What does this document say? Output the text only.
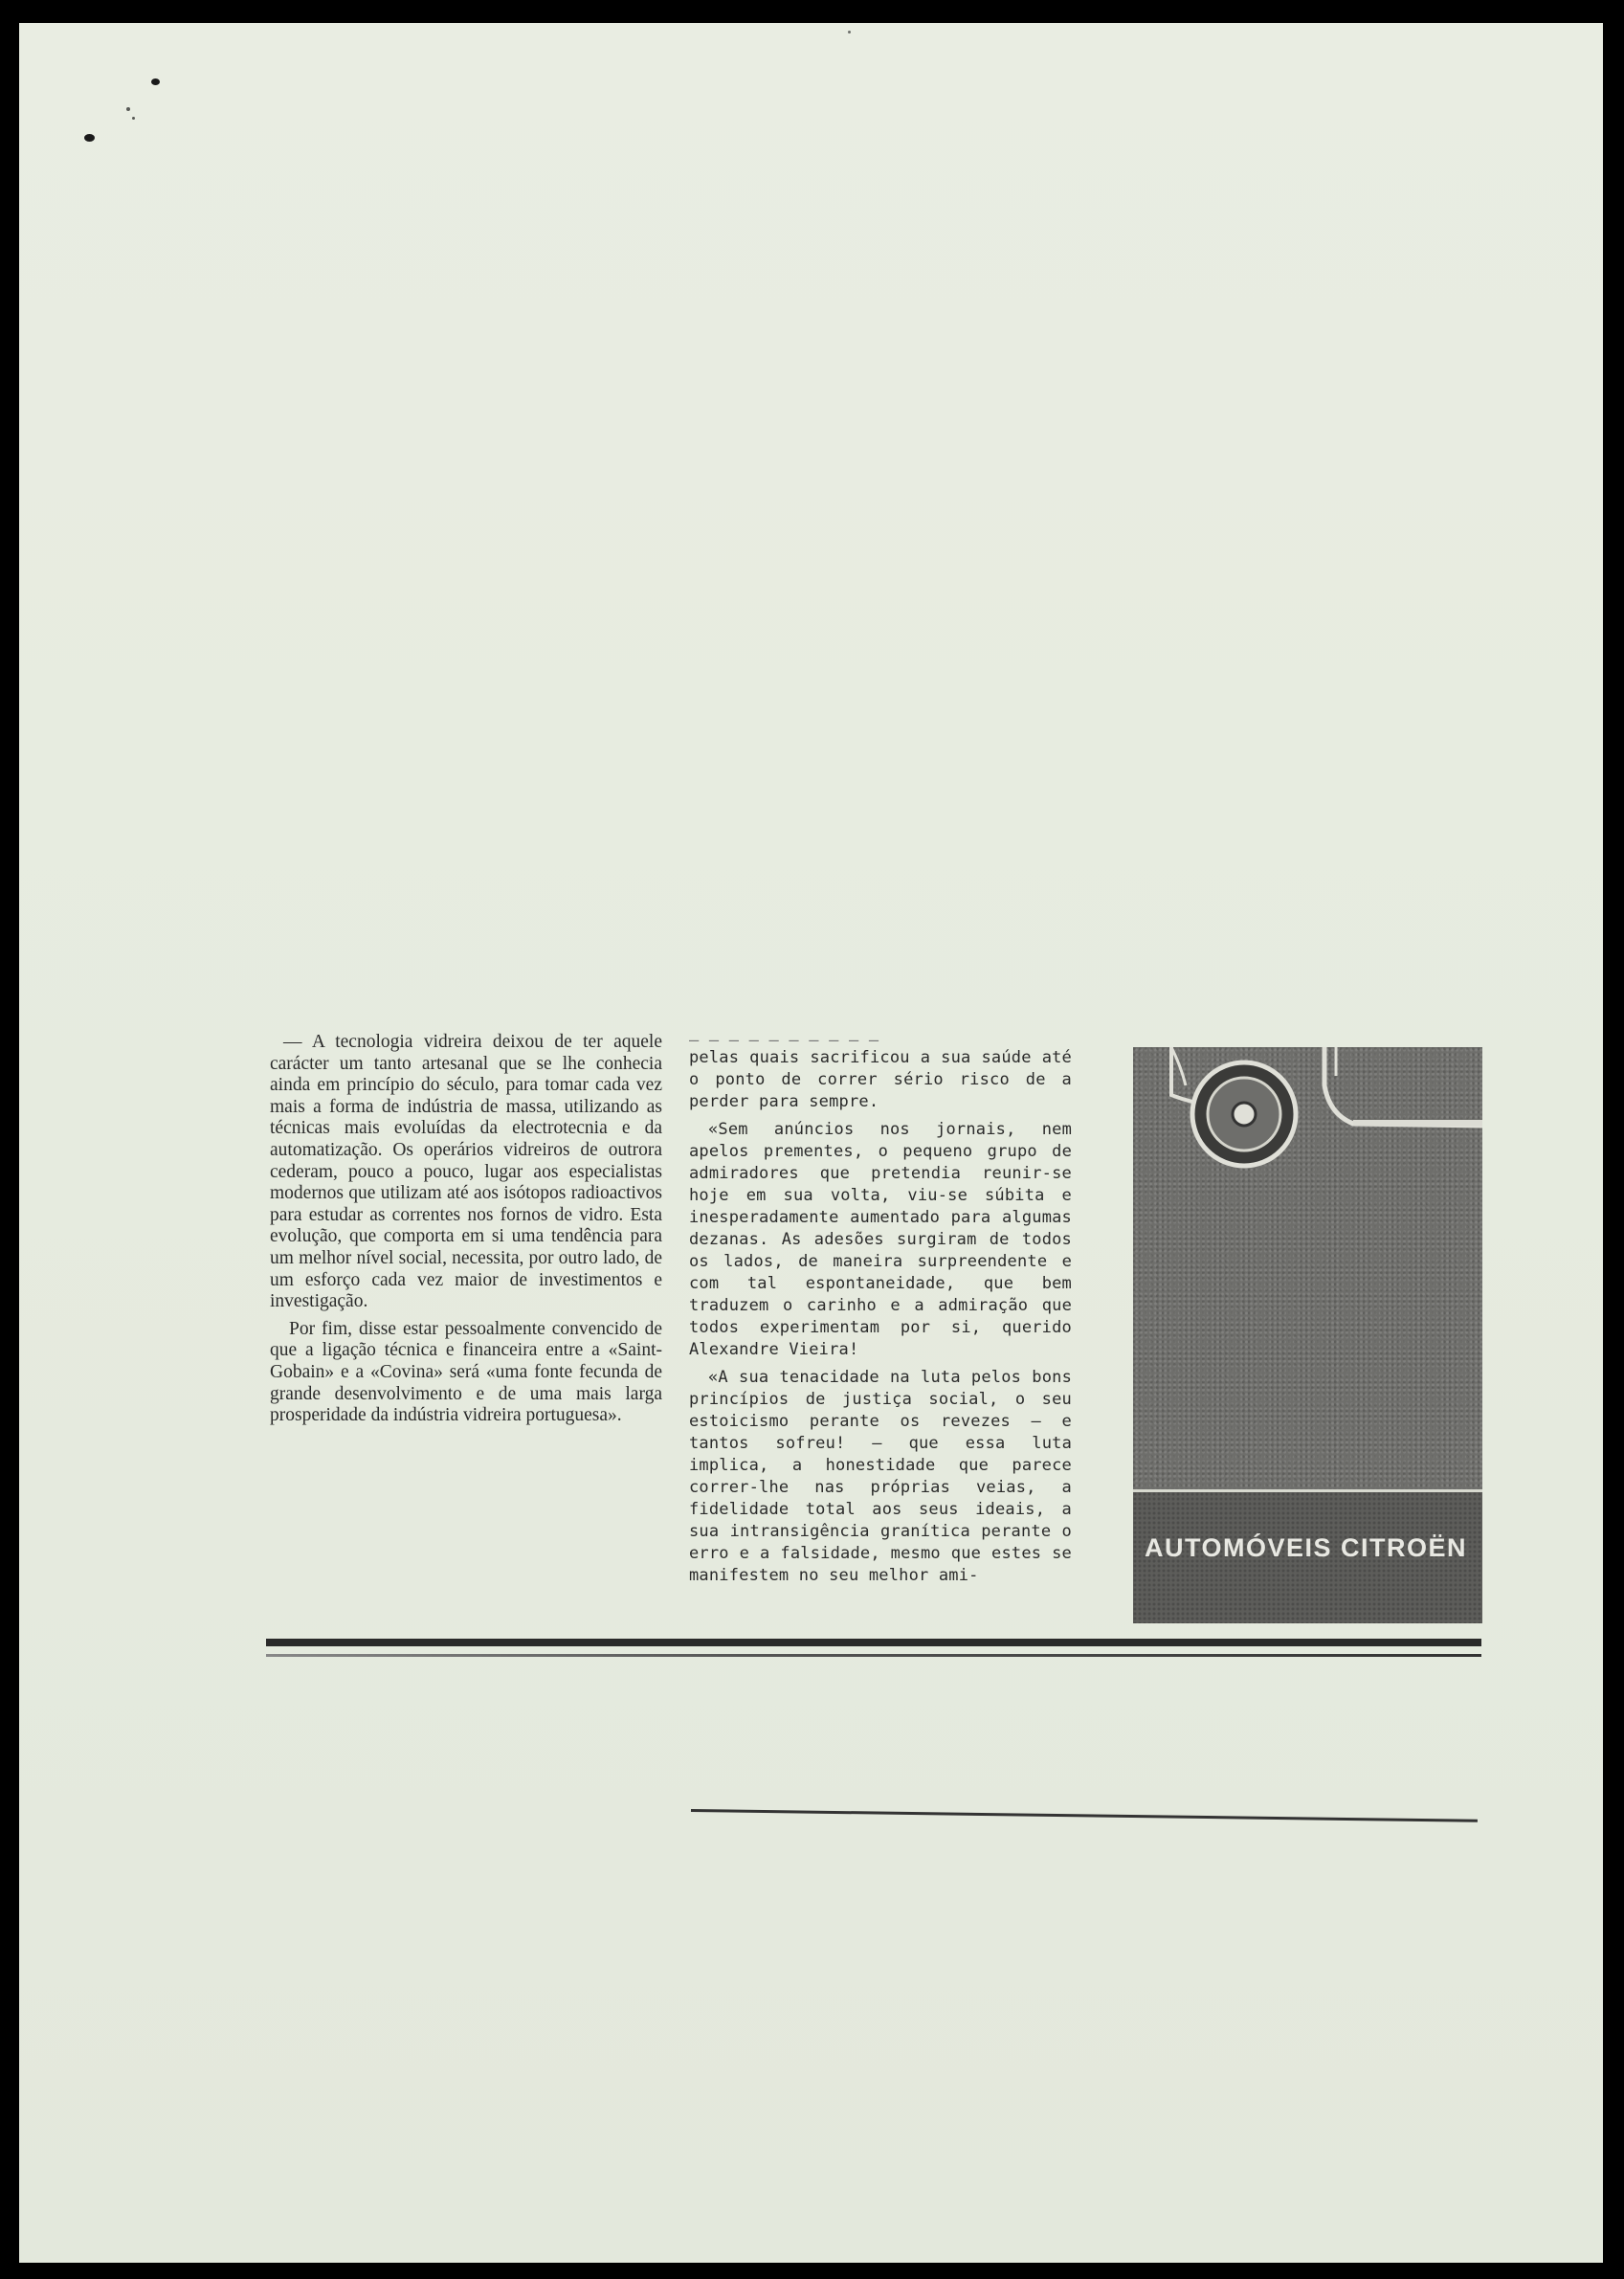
— A tecnologia vidreira deixou de ter aquele carácter um tanto artesanal que se lhe conhecia ainda em princípio do século, para tomar cada vez mais a forma de indústria de massa, utilizando as técnicas mais evoluídas da electrotecnia e da automatização. Os operários vidreiros de outrora cederam, pouco a pouco, lugar aos especialistas modernos que utilizam até aos isótopos radioactivos para estudar as correntes nos fornos de vidro. Esta evolução, que comporta em si uma tendência para um melhor nível social, necessita, por outro lado, de um esforço cada vez maior de investimentos e investigação.

Por fim, disse estar pessoalmente convencido de que a ligação técnica e financeira entre a «Saint-Gobain» e a «Covina» será «uma fonte fecunda de grande desenvolvimento e de uma mais larga prosperidade da indústria vidreira portuguesa».

— — — — — — — — — —

pelas quais sacrificou a sua saúde até o ponto de correr sério risco de a perder para sempre.

«Sem anúncios nos jornais, nem apelos prementes, o pequeno grupo de admiradores que pretendia reunir-se hoje em sua volta, viu-se súbita e inesperadamente aumentado para algumas dezanas. As adesões surgiram de todos os lados, de maneira surpreendente e com tal espontaneidade, que bem traduzem o carinho e a admiração que todos experimentam por si, querido Alexandre Vieira!

«A sua tenacidade na luta pelos bons princípios de justiça social, o seu estoicismo perante os revezes — e tantos sofreu! — que essa luta implica, a honestidade que parece correr-lhe nas próprias veias, a fidelidade total aos seus ideais, a sua intransigência granítica perante o erro e a falsidade, mesmo que estes se manifestem no seu melhor ami-

AUTOMÓVEIS CITROËN
